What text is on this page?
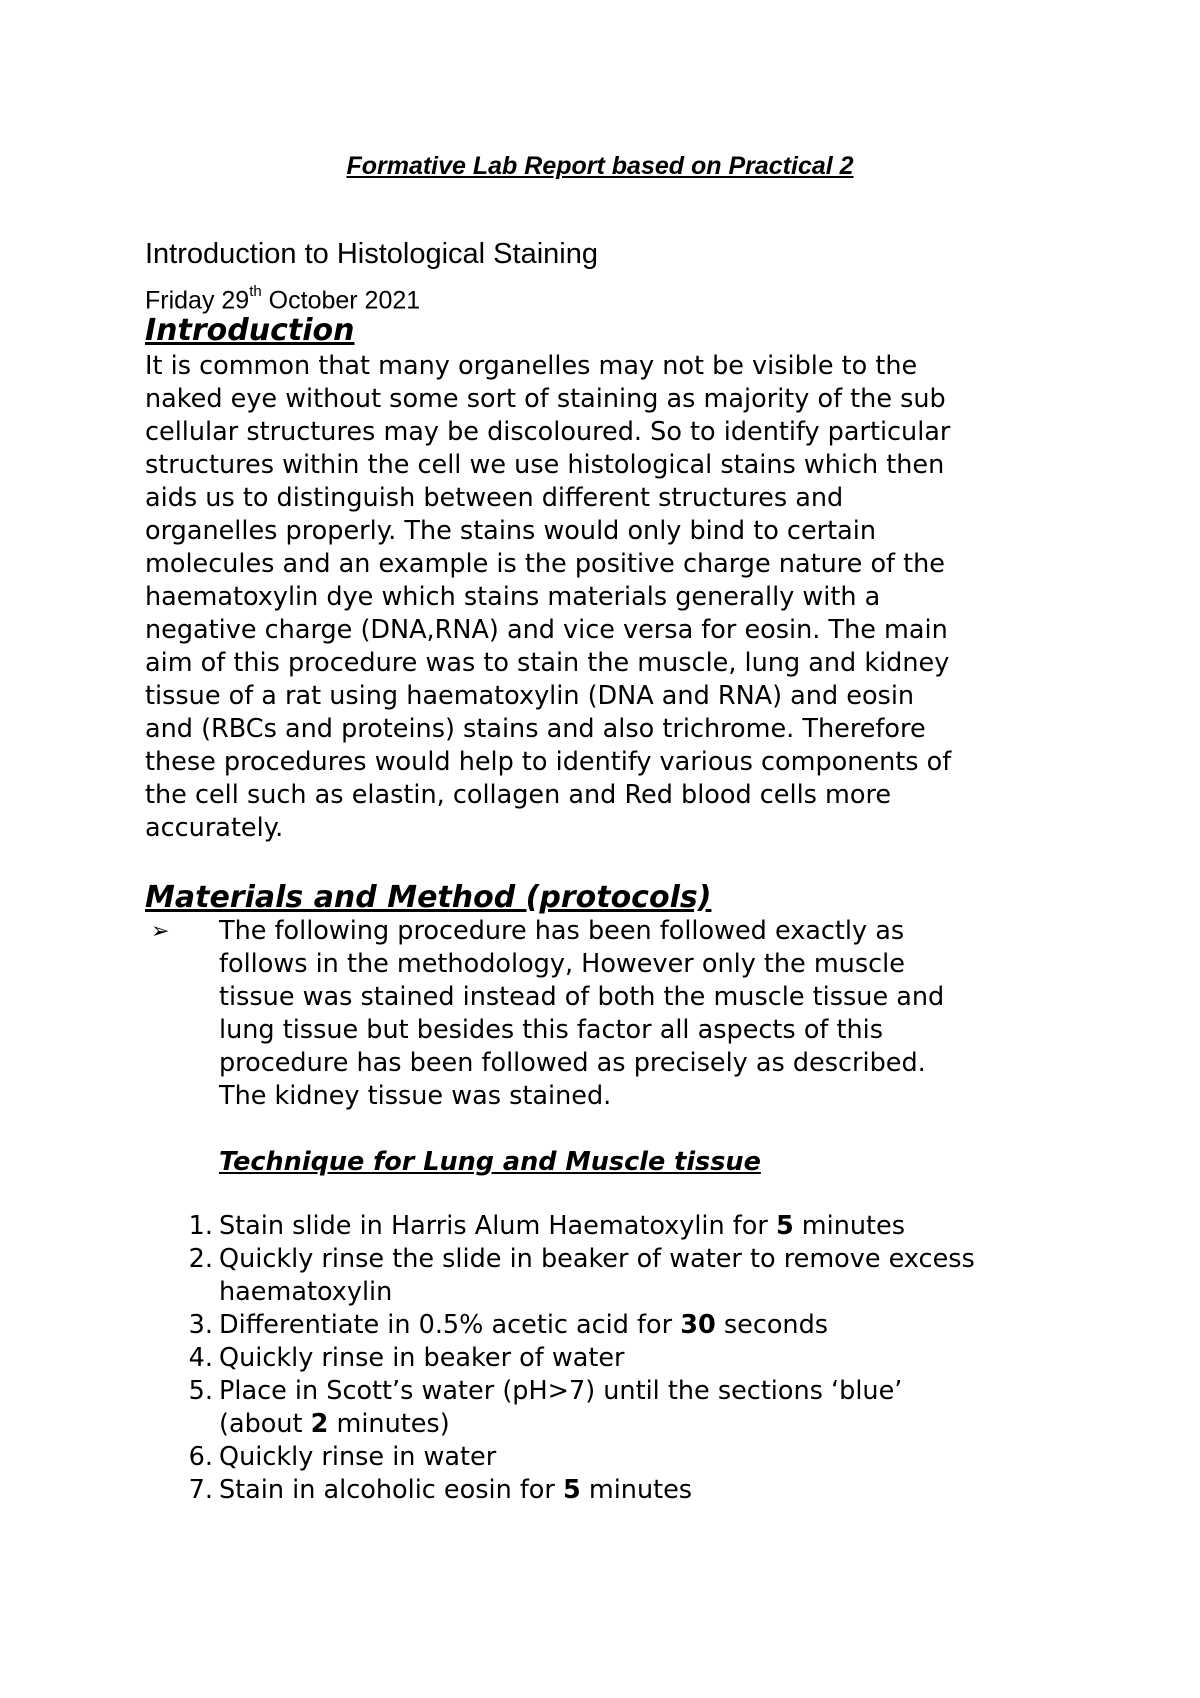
Formative Lab Report based on Practical 2
Introduction to Histological Staining
Friday 29th October 2021
Introduction
It is common that many organelles may not be visible to the
naked eye without some sort of staining as majority of the sub
cellular structures may be discoloured. So to identify particular
structures within the cell we use histological stains which then
aids us to distinguish between different structures and
organelles properly. The stains would only bind to certain
molecules and an example is the positive charge nature of the
haematoxylin dye which stains materials generally with a
negative charge (DNA,RNA) and vice versa for eosin. The main
aim of this procedure was to stain the muscle, lung and kidney
tissue of a rat using haematoxylin (DNA and RNA) and eosin
and (RBCs and proteins) stains and also trichrome. Therefore
these procedures would help to identify various components of
the cell such as elastin, collagen and Red blood cells more
accurately.
Materials and Method (protocols)
➢ The following procedure has been followed exactly as
follows in the methodology, However only the muscle
tissue was stained instead of both the muscle tissue and
lung tissue but besides this factor all aspects of this
procedure has been followed as precisely as described.
The kidney tissue was stained.
Technique for Lung and Muscle tissue
1. Stain slide in Harris Alum Haematoxylin for 5 minutes
2. Quickly rinse the slide in beaker of water to remove excess
haematoxylin
3. Differentiate in 0.5% acetic acid for 30 seconds
4. Quickly rinse in beaker of water
5. Place in Scott’s water (pH>7) until the sections ‘blue’
(about 2 minutes)
6. Quickly rinse in water
7. Stain in alcoholic eosin for 5 minutes
